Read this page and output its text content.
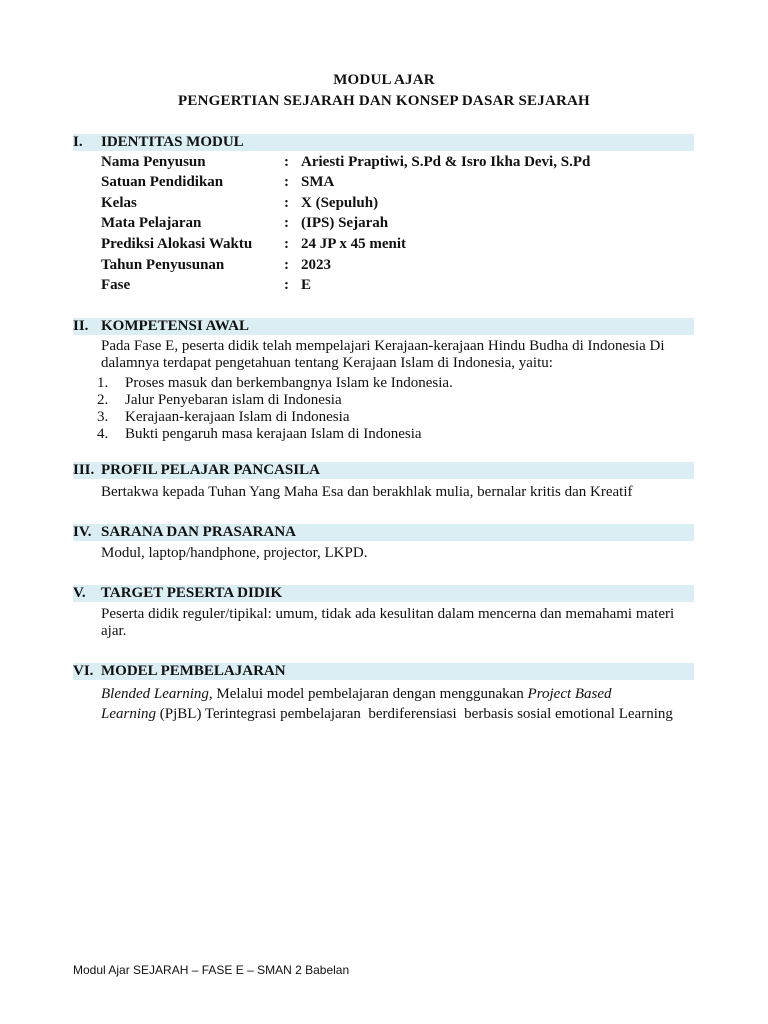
MODUL AJAR
PENGERTIAN SEJARAH DAN KONSEP DASAR SEJARAH
I. IDENTITAS MODUL
Nama Penyusun	: Ariesti Praptiwi, S.Pd & Isro Ikha Devi, S.Pd
Satuan Pendidikan	: SMA
Kelas	: X (Sepuluh)
Mata Pelajaran	: (IPS) Sejarah
Prediksi Alokasi Waktu : 24 JP x 45 menit
Tahun Penyusunan	: 2023
Fase	: E
II. KOMPETENSI AWAL
Pada Fase E, peserta didik telah mempelajari Kerajaan-kerajaan Hindu Budha di Indonesia Di
dalamnya terdapat pengetahuan tentang Kerajaan Islam di Indonesia, yaitu:
1. Proses masuk dan berkembangnya Islam ke Indonesia.
2. Jalur Penyebaran islam di Indonesia
3. Kerajaan-kerajaan Islam di Indonesia
4. Bukti pengaruh masa kerajaan Islam di Indonesia
III. PROFIL PELAJAR PANCASILA
Bertakwa kepada Tuhan Yang Maha Esa dan berakhlak mulia, bernalar kritis dan Kreatif
IV. SARANA DAN PRASARANA
Modul, laptop/handphone, projector, LKPD.
V. TARGET PESERTA DIDIK
Peserta didik reguler/tipikal: umum, tidak ada kesulitan dalam mencerna dan memahami materi
ajar.
VI. MODEL PEMBELAJARAN
Blended Learning, Melalui model pembelajaran dengan menggunakan Project Based
Learning (PjBL) Terintegrasi pembelajaran  berdiferensiasi  berbasis sosial emotional Learning
Modul Ajar SEJARAH – FASE E – SMAN 2 Babelan
